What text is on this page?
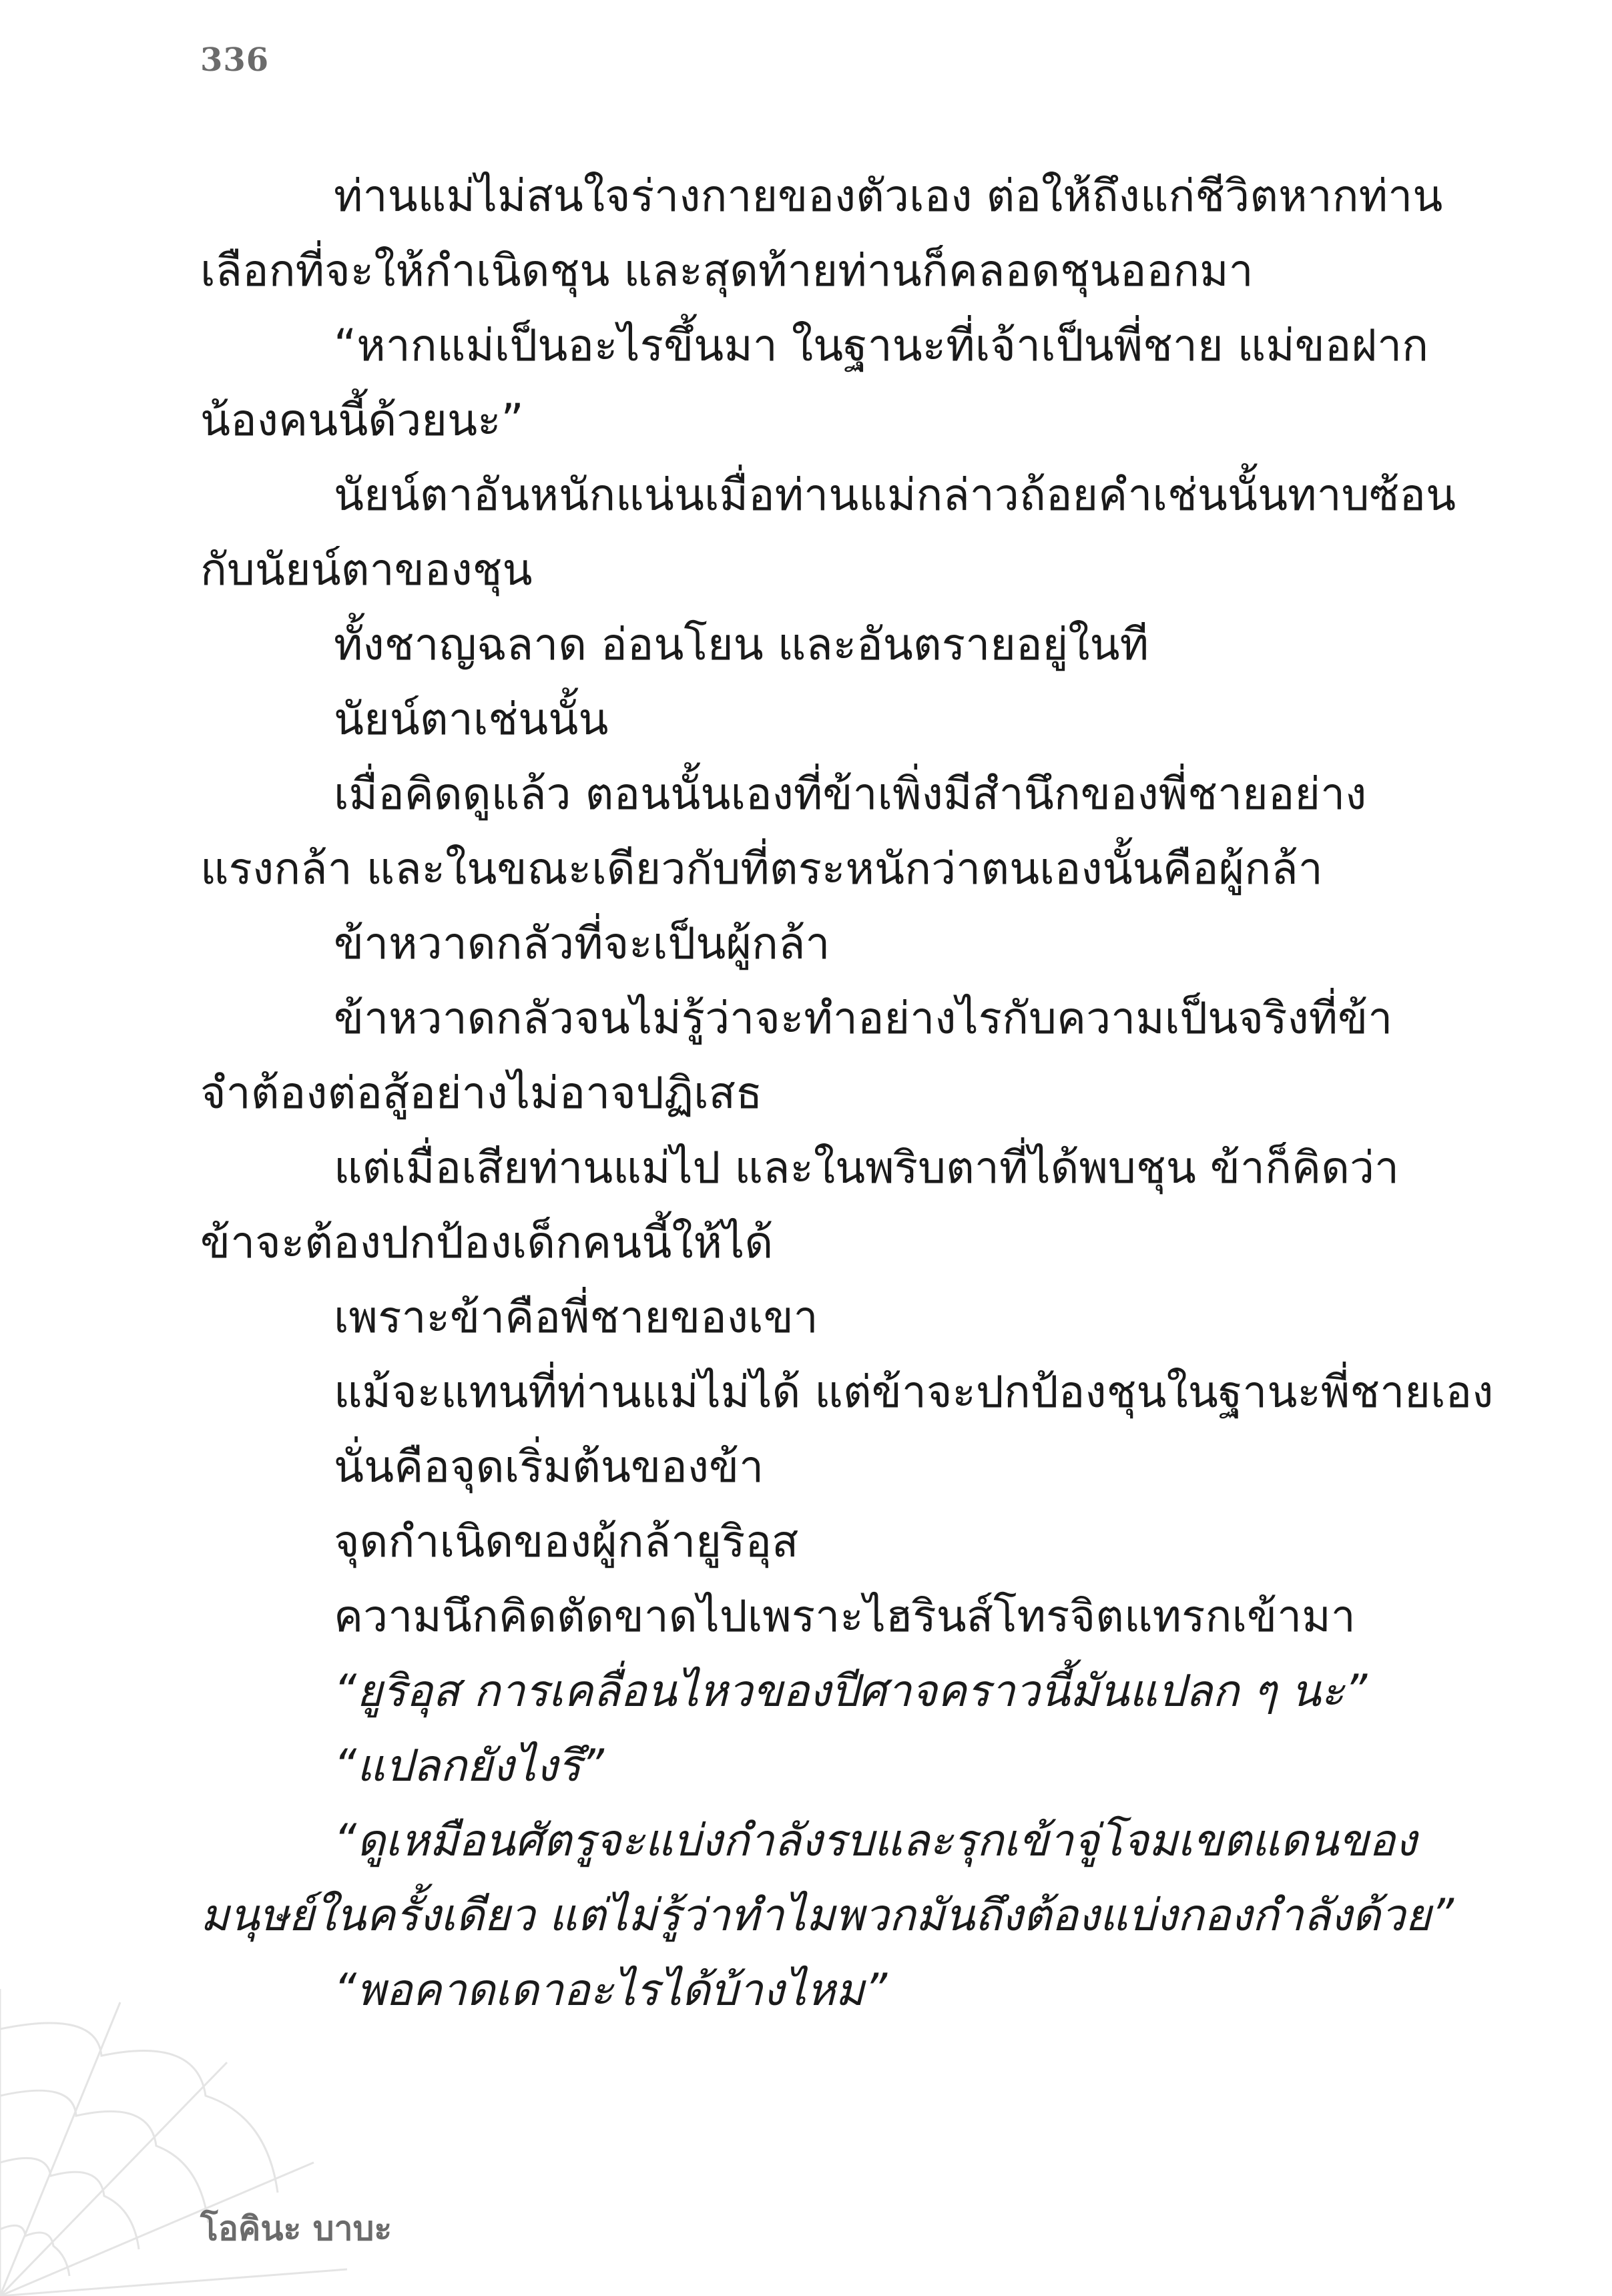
336

ท่านแม่ไม่สนใจร่างกายของตัวเอง ต่อให้ถึงแก่ชีวิตหากท่าน

เลือกที่จะให้กำเนิดชุน และสุดท้ายท่านก็คลอดชุนออกมา

“หากแม่เป็นอะไรขึ้นมา ในฐานะที่เจ้าเป็นพี่ชาย แม่ขอฝาก

น้องคนนี้ด้วยนะ”

นัยน์ตาอันหนักแน่นเมื่อท่านแม่กล่าวถ้อยคำเช่นนั้นทาบซ้อน

กับนัยน์ตาของชุน

ทั้งชาญฉลาด อ่อนโยน และอันตรายอยู่ในที

นัยน์ตาเช่นนั้น

เมื่อคิดดูแล้ว ตอนนั้นเองที่ข้าเพิ่งมีสำนึกของพี่ชายอย่าง

แรงกล้า และในขณะเดียวกับที่ตระหนักว่าตนเองนั้นคือผู้กล้า

ข้าหวาดกลัวที่จะเป็นผู้กล้า

ข้าหวาดกลัวจนไม่รู้ว่าจะทำอย่างไรกับความเป็นจริงที่ข้า

จำต้องต่อสู้อย่างไม่อาจปฏิเสธ

แต่เมื่อเสียท่านแม่ไป และในพริบตาที่ได้พบชุน ข้าก็คิดว่า

ข้าจะต้องปกป้องเด็กคนนี้ให้ได้

เพราะข้าคือพี่ชายของเขา

แม้จะแทนที่ท่านแม่ไม่ได้ แต่ข้าจะปกป้องชุนในฐานะพี่ชายเอง

นั่นคือจุดเริ่มต้นของข้า

จุดกำเนิดของผู้กล้ายูริอุส

ความนึกคิดตัดขาดไปเพราะไฮรินส์โทรจิตแทรกเข้ามา

“ยูริอุส การเคลื่อนไหวของปีศาจคราวนี้มันแปลก ๆ นะ”

“แปลกยังไงรึ”

“ดูเหมือนศัตรูจะแบ่งกำลังรบและรุกเข้าจู่โจมเขตแดนของ

มนุษย์ในครั้งเดียว แต่ไม่รู้ว่าทำไมพวกมันถึงต้องแบ่งกองกำลังด้วย”

“พอคาดเดาอะไรได้บ้างไหม”

โอคินะ บาบะ
